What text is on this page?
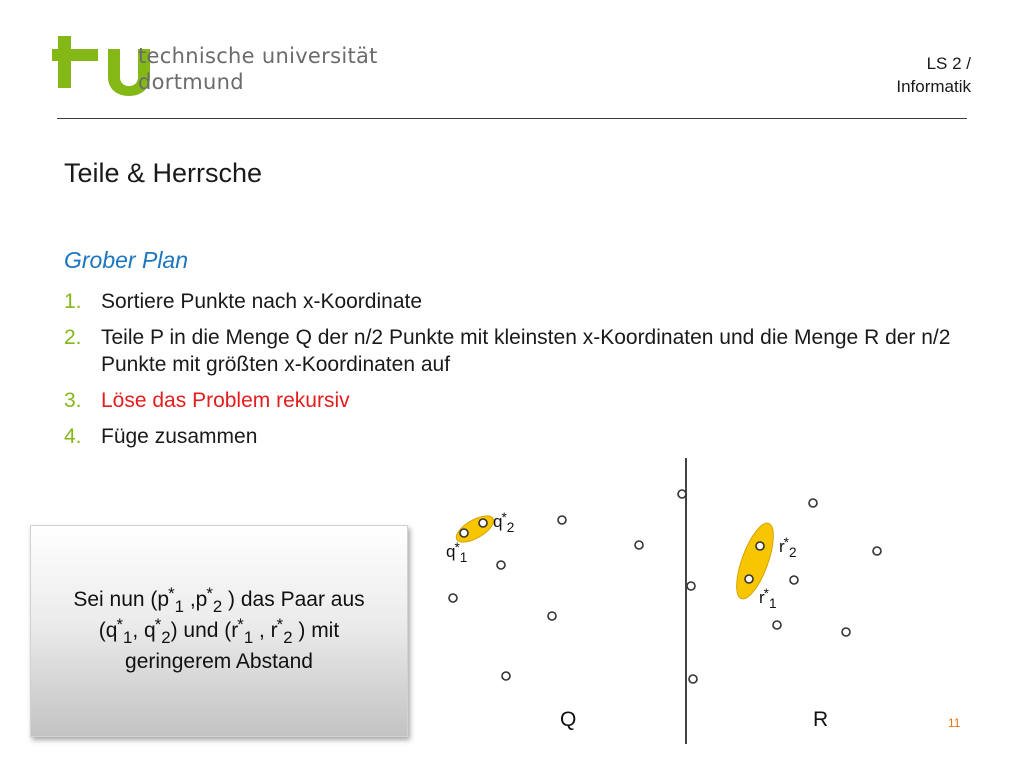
technische universität
dortmund
LS 2 /
Informatik
Teile & Herrsche
Grober Plan
1. Sortiere Punkte nach x-Koordinate
2. Teile P in die Menge Q der n/2 Punkte mit kleinsten x-Koordinaten und die Menge R der n/2 Punkte mit größten x-Koordinaten auf
3. Löse das Problem rekursiv
4. Füge zusammen
Sei nun ($p^*_1$ $,p^*_2$ ) das Paar aus
($q^*_1$, $q^*_2$) und ($r^*_1$ , $r^*_2$ ) mit
geringerem Abstand
$q^*_2$
$q^*_1$
$r^*_2$
$r^*_1$
Q	R	11
